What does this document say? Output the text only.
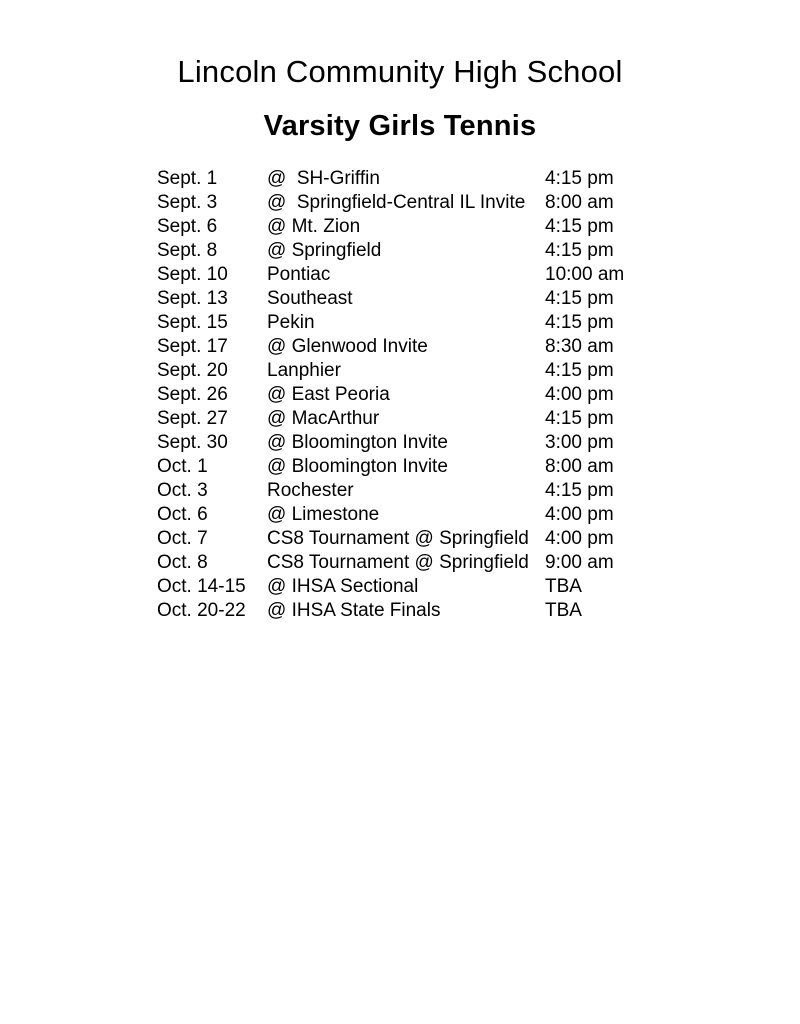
Lincoln Community High School
Varsity Girls Tennis
Sept. 1	@  SH-Griffin	4:15 pm
Sept. 3	@  Springfield-Central IL Invite	8:00 am
Sept. 6	@ Mt. Zion	4:15 pm
Sept. 8	@ Springfield	4:15 pm
Sept. 10	Pontiac	10:00 am
Sept. 13	Southeast	4:15 pm
Sept. 15	Pekin	4:15 pm
Sept. 17	@ Glenwood Invite	8:30 am
Sept. 20	Lanphier	4:15 pm
Sept. 26	@ East Peoria	4:00 pm
Sept. 27	@ MacArthur	4:15 pm
Sept. 30	@ Bloomington Invite	3:00 pm
Oct. 1	@ Bloomington Invite	8:00 am
Oct. 3	Rochester	4:15 pm
Oct. 6	@ Limestone	4:00 pm
Oct. 7	CS8 Tournament @ Springfield 4:00 pm
Oct. 8	CS8 Tournament @ Springfield 9:00 am
Oct. 14-15	@ IHSA Sectional	TBA
Oct. 20-22	@ IHSA State Finals	TBA
